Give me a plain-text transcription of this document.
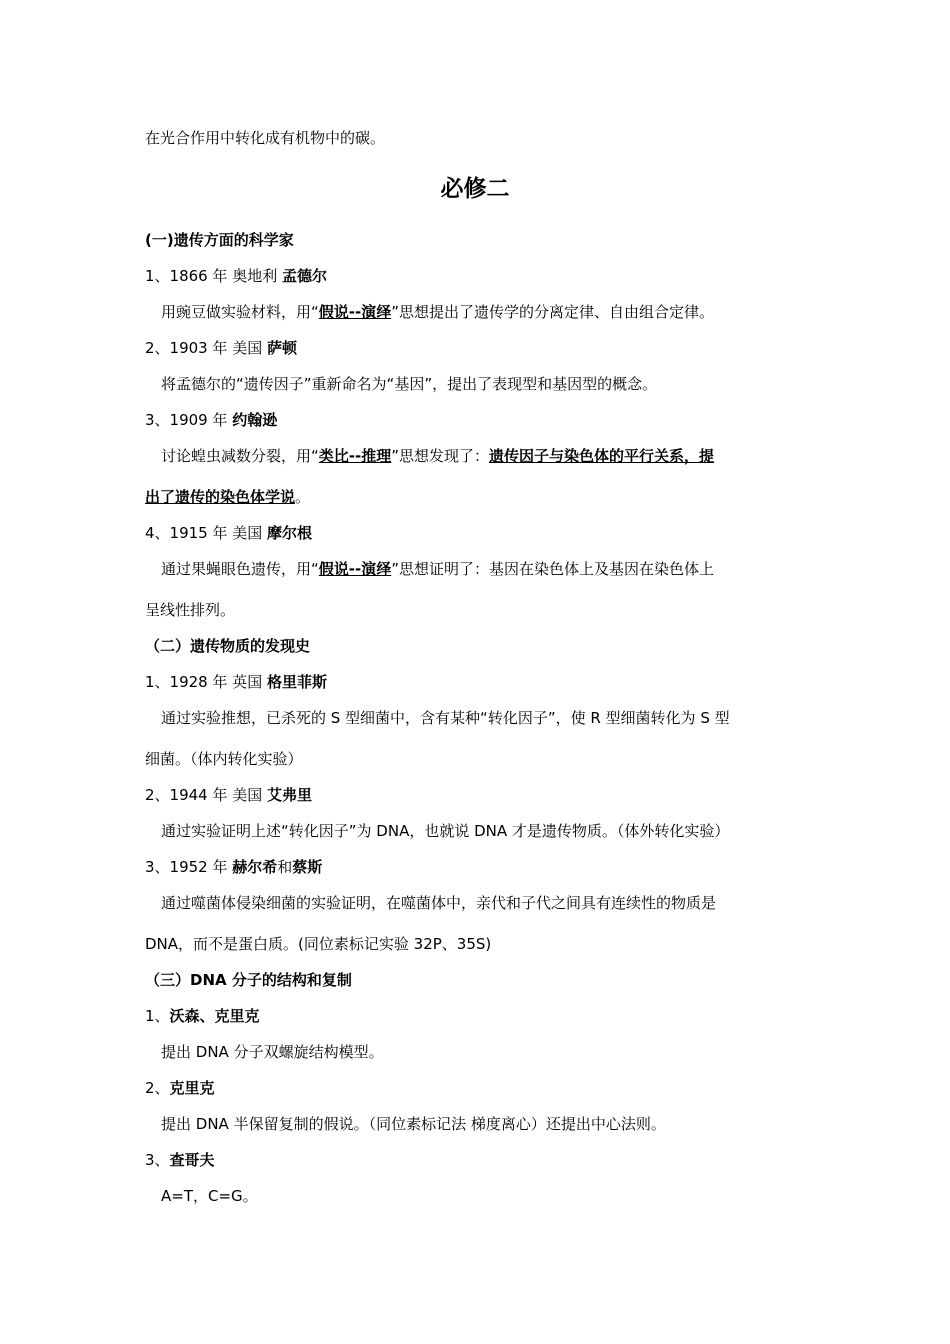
在光合作用中转化成有机物中的碳。

必修二

(一)遗传方面的科学家

1、1866 年 奥地利 孟德尔

用豌豆做实验材料，用“假说--演绎”思想提出了遗传学的分离定律、自由组合定律。

2、1903 年 美国 萨顿

将孟德尔的“遗传因子”重新命名为“基因”，提出了表现型和基因型的概念。

3、1909 年 约翰逊

讨论蝗虫减数分裂，用“类比--推理”思想发现了：遗传因子与染色体的平行关系，提

出了遗传的染色体学说。

4、1915 年 美国 摩尔根

通过果蝇眼色遗传，用“假说--演绎”思想证明了：基因在染色体上及基因在染色体上

呈线性排列。

（二）遗传物质的发现史

1、1928 年 英国 格里菲斯

通过实验推想，已杀死的 S 型细菌中，含有某种“转化因子”，使 R 型细菌转化为 S 型

细菌。（体内转化实验）

2、1944 年 美国 艾弗里

通过实验证明上述“转化因子”为 DNA，也就说 DNA 才是遗传物质。（体外转化实验）

3、1952 年 赫尔希和蔡斯

通过噬菌体侵染细菌的实验证明，在噬菌体中，亲代和子代之间具有连续性的物质是

DNA，而不是蛋白质。(同位素标记实验 32P、35S)

（三）DNA 分子的结构和复制

1、沃森、克里克

提出 DNA 分子双螺旋结构模型。

2、克里克

提出 DNA 半保留复制的假说。（同位素标记法 梯度离心）还提出中心法则。

3、查哥夫

A=T，C=G。
